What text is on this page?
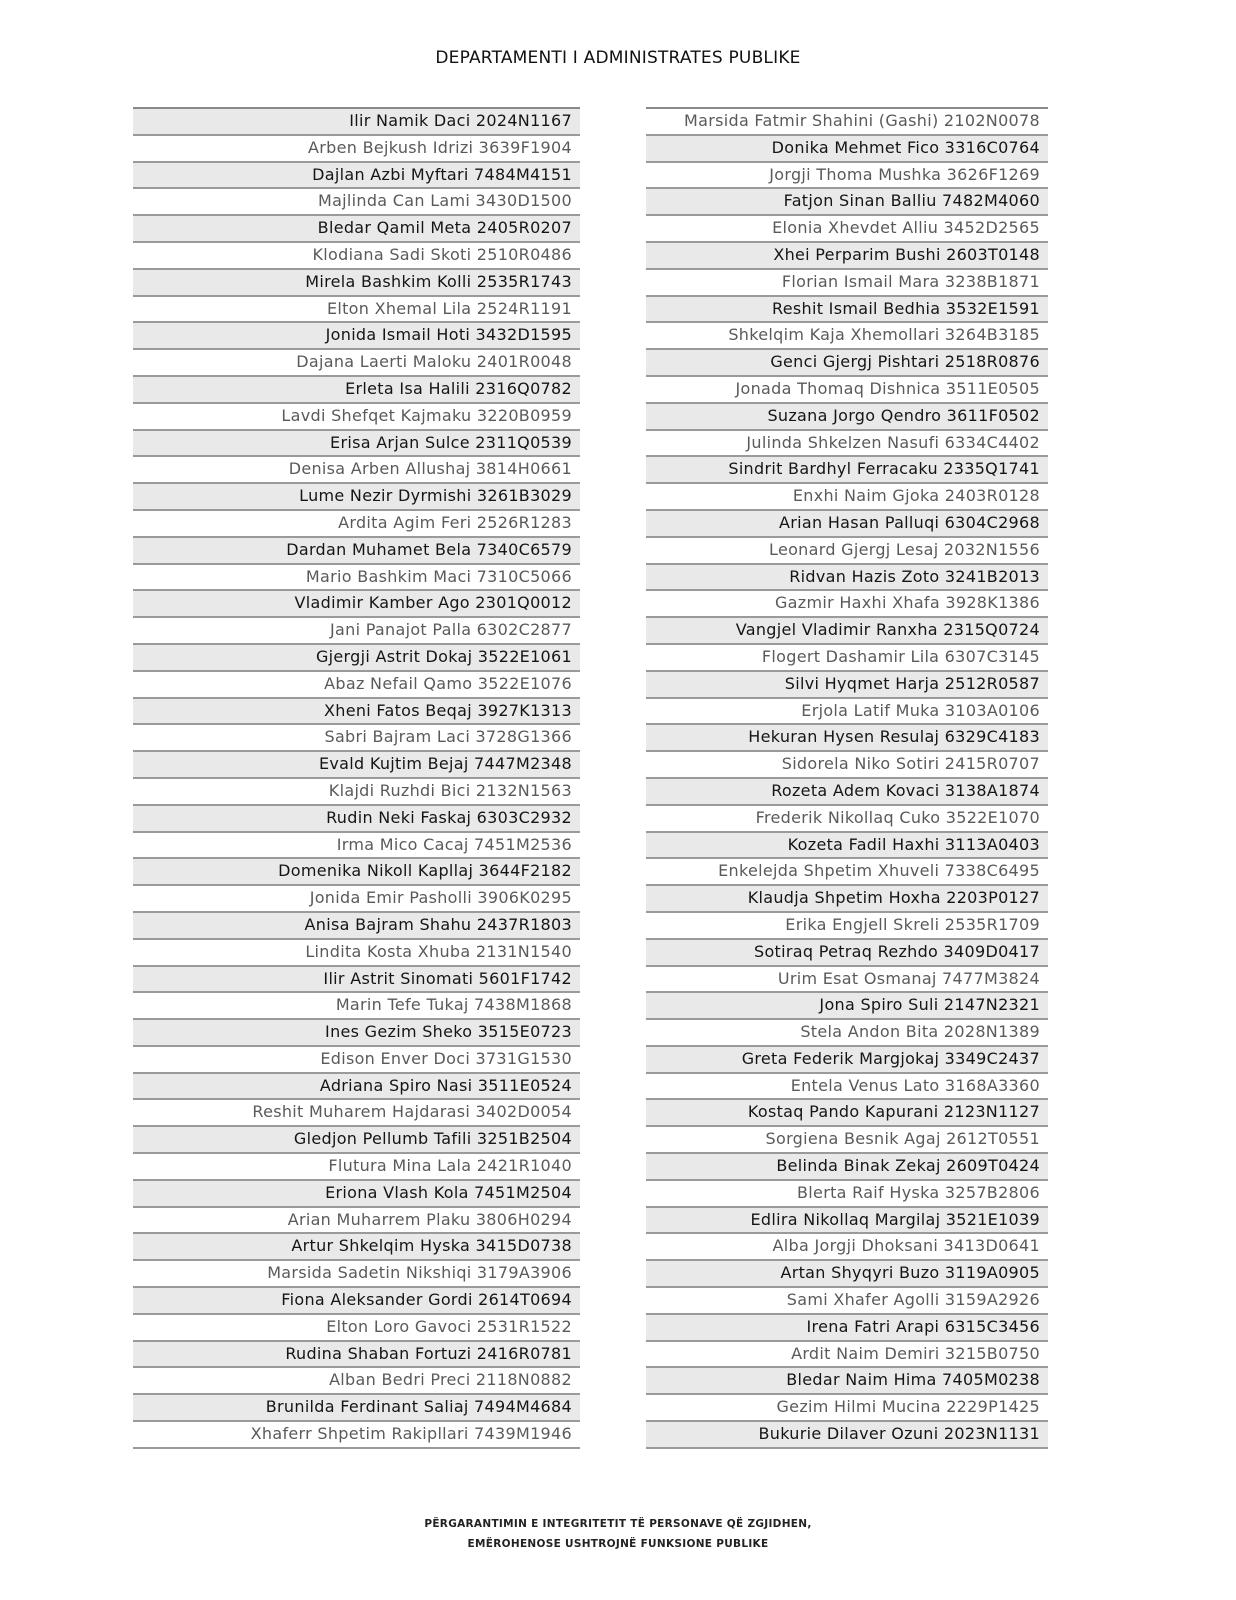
DEPARTAMENTI I ADMINISTRATES PUBLIKE
Ilir Namik Daci 2024N1167
Arben Bejkush Idrizi 3639F1904
Dajlan Azbi Myftari 7484M4151
Majlinda Can Lami 3430D1500
Bledar Qamil Meta 2405R0207
Klodiana Sadi Skoti 2510R0486
Mirela Bashkim Kolli 2535R1743
Elton Xhemal Lila 2524R1191
Jonida Ismail Hoti 3432D1595
Dajana Laerti Maloku 2401R0048
Erleta Isa Halili 2316Q0782
Lavdi Shefqet Kajmaku 3220B0959
Erisa Arjan Sulce 2311Q0539
Denisa Arben Allushaj 3814H0661
Lume Nezir Dyrmishi 3261B3029
Ardita Agim Feri 2526R1283
Dardan Muhamet Bela 7340C6579
Mario Bashkim Maci 7310C5066
Vladimir Kamber Ago 2301Q0012
Jani Panajot Palla 6302C2877
Gjergji Astrit Dokaj 3522E1061
Abaz Nefail Qamo 3522E1076
Xheni Fatos Beqaj 3927K1313
Sabri Bajram Laci 3728G1366
Evald Kujtim Bejaj 7447M2348
Klajdi Ruzhdi Bici 2132N1563
Rudin Neki Faskaj 6303C2932
Irma Mico Cacaj 7451M2536
Domenika Nikoll Kapllaj 3644F2182
Jonida Emir Pasholli 3906K0295
Anisa Bajram Shahu 2437R1803
Lindita Kosta Xhuba 2131N1540
Ilir Astrit Sinomati 5601F1742
Marin Tefe Tukaj 7438M1868
Ines Gezim Sheko 3515E0723
Edison Enver Doci 3731G1530
Adriana Spiro Nasi 3511E0524
Reshit Muharem Hajdarasi 3402D0054
Gledjon Pellumb Tafili 3251B2504
Flutura Mina Lala 2421R1040
Eriona Vlash Kola 7451M2504
Arian Muharrem Plaku 3806H0294
Artur Shkelqim Hyska 3415D0738
Marsida Sadetin Nikshiqi 3179A3906
Fiona Aleksander Gordi 2614T0694
Elton Loro Gavoci 2531R1522
Rudina Shaban Fortuzi 2416R0781
Alban Bedri Preci 2118N0882
Brunilda Ferdinant Saliaj 7494M4684
Xhaferr Shpetim Rakipllari 7439M1946
Marsida Fatmir Shahini (Gashi) 2102N0078
Donika Mehmet Fico 3316C0764
Jorgji Thoma Mushka 3626F1269
Fatjon Sinan Balliu 7482M4060
Elonia Xhevdet Alliu 3452D2565
Xhei Perparim Bushi 2603T0148
Florian Ismail Mara 3238B1871
Reshit Ismail Bedhia 3532E1591
Shkelqim Kaja Xhemollari 3264B3185
Genci Gjergj Pishtari 2518R0876
Jonada Thomaq Dishnica 3511E0505
Suzana Jorgo Qendro 3611F0502
Julinda Shkelzen Nasufi 6334C4402
Sindrit Bardhyl Ferracaku 2335Q1741
Enxhi Naim Gjoka 2403R0128
Arian Hasan Palluqi 6304C2968
Leonard Gjergj Lesaj 2032N1556
Ridvan Hazis Zoto 3241B2013
Gazmir Haxhi Xhafa 3928K1386
Vangjel Vladimir Ranxha 2315Q0724
Flogert Dashamir Lila 6307C3145
Silvi Hyqmet Harja 2512R0587
Erjola Latif Muka 3103A0106
Hekuran Hysen Resulaj 6329C4183
Sidorela Niko Sotiri 2415R0707
Rozeta Adem Kovaci 3138A1874
Frederik Nikollaq Cuko 3522E1070
Kozeta Fadil Haxhi 3113A0403
Enkelejda Shpetim Xhuveli 7338C6495
Klaudja Shpetim Hoxha 2203P0127
Erika Engjell Skreli 2535R1709
Sotiraq Petraq Rezhdo 3409D0417
Urim Esat Osmanaj 7477M3824
Jona Spiro Suli 2147N2321
Stela Andon Bita 2028N1389
Greta Federik Margjokaj 3349C2437
Entela Venus Lato 3168A3360
Kostaq Pando Kapurani 2123N1127
Sorgiena Besnik Agaj 2612T0551
Belinda Binak Zekaj 2609T0424
Blerta Raif Hyska 3257B2806
Edlira Nikollaq Margilaj 3521E1039
Alba Jorgji Dhoksani 3413D0641
Artan Shyqyri Buzo 3119A0905
Sami Xhafer Agolli 3159A2926
Irena Fatri Arapi 6315C3456
Ardit Naim Demiri 3215B0750
Bledar Naim Hima 7405M0238
Gezim Hilmi Mucina 2229P1425
Bukurie Dilaver Ozuni 2023N1131
PËRGARANTIMIN E INTEGRITETIT TË PERSONAVE QË ZGJIDHEN,
EMËROHENOSE USHTROJNË FUNKSIONE PUBLIKE
